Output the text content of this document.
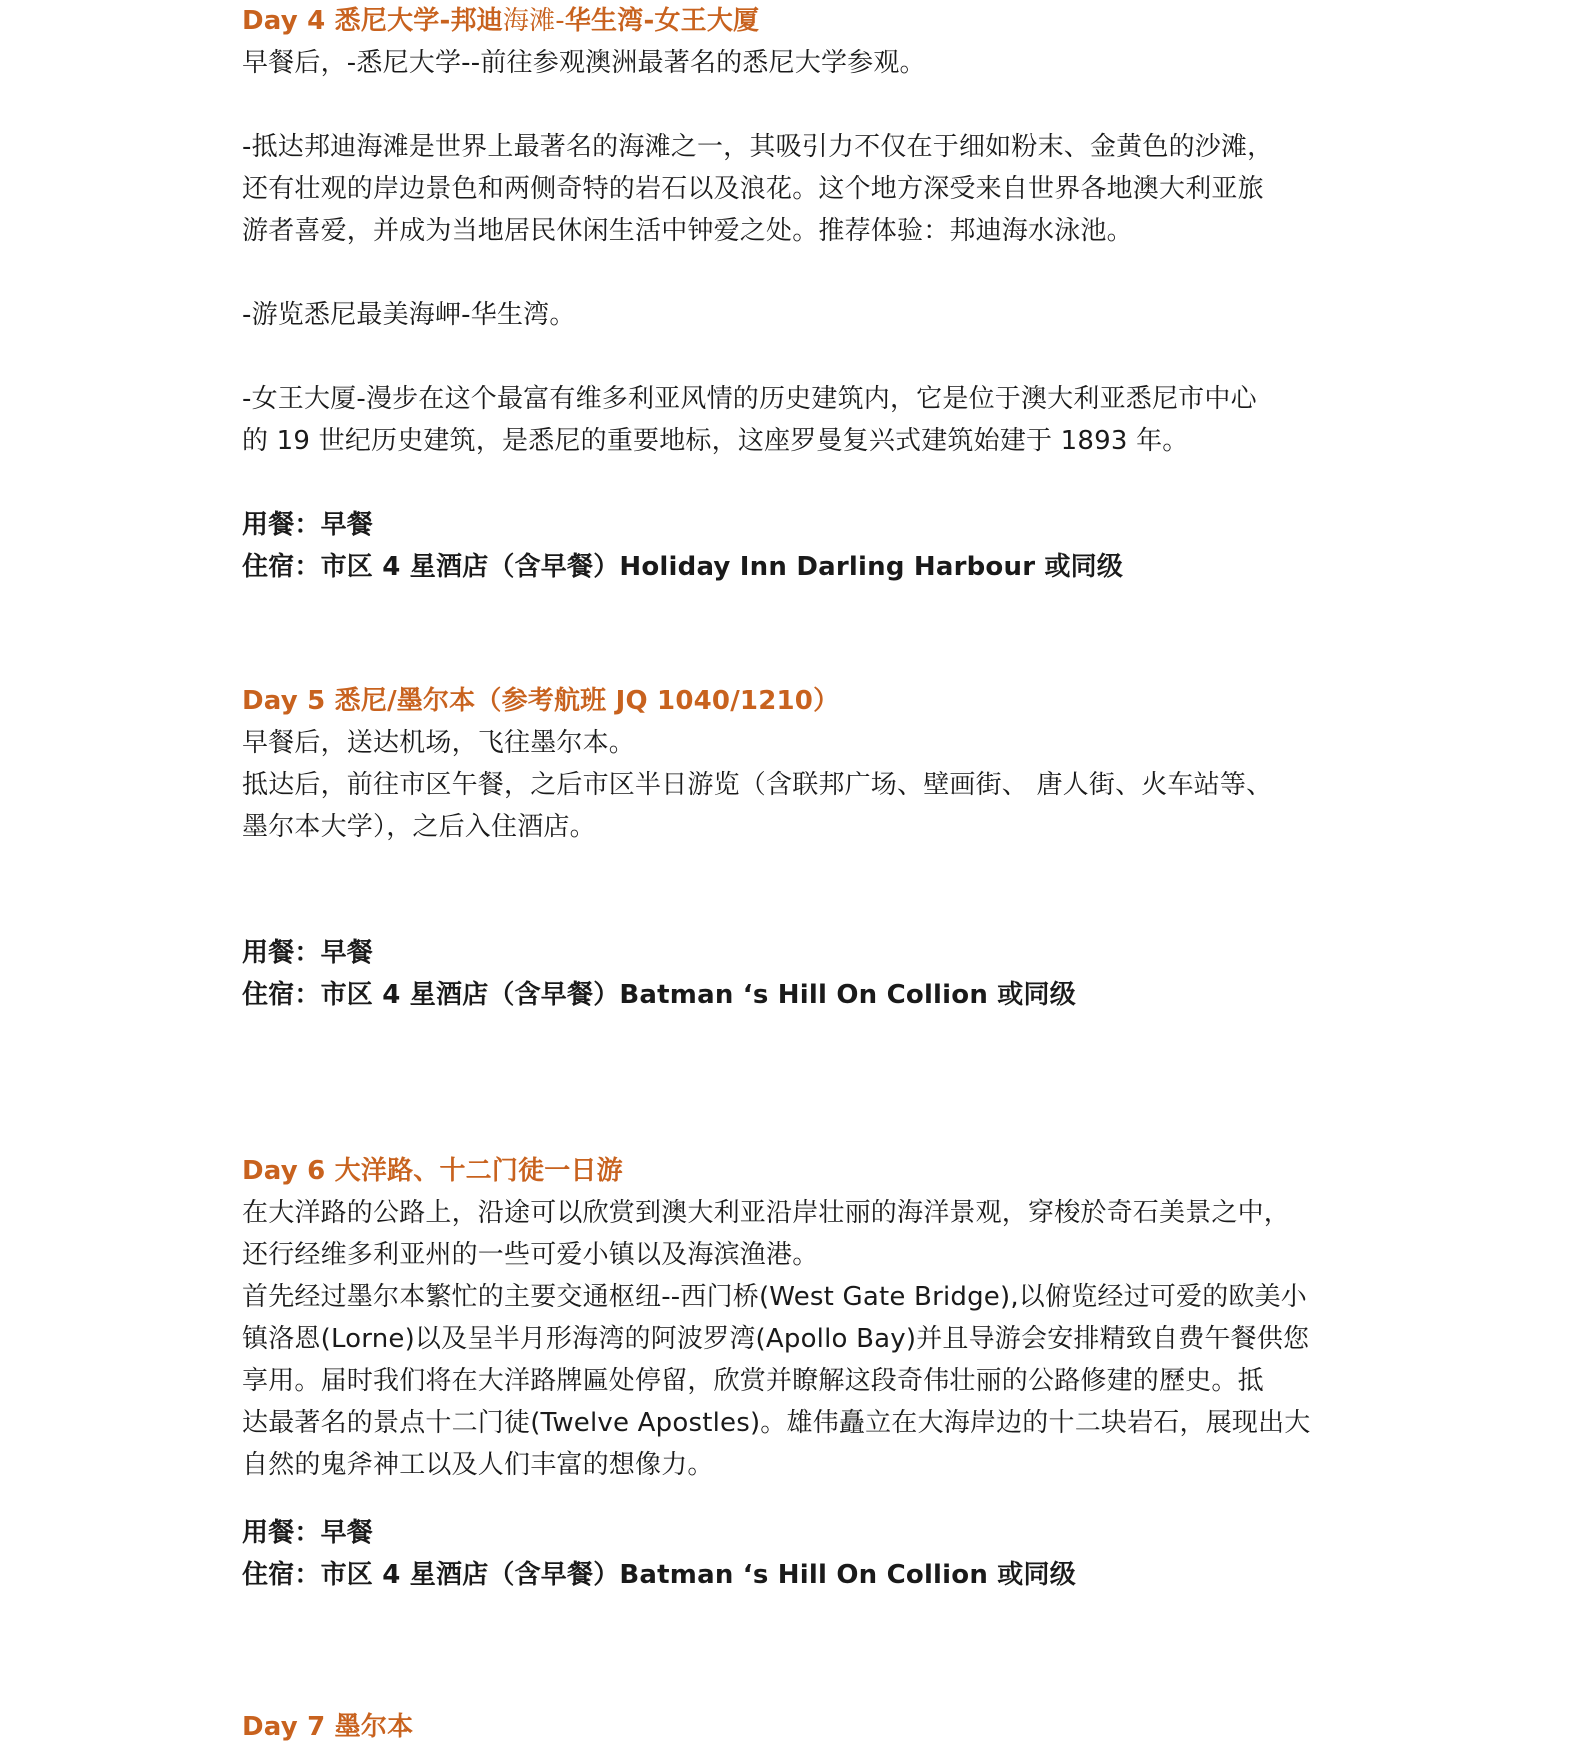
Day 4 悉尼大学-邦迪海滩-华生湾-女王大厦
早餐后，-悉尼大学--前往参观澳洲最著名的悉尼大学参观。
-抵达邦迪海滩是世界上最著名的海滩之一，其吸引力不仅在于细如粉末、金黄色的沙滩，
还有壮观的岸边景色和两侧奇特的岩石以及浪花。这个地方深受来自世界各地澳大利亚旅
游者喜爱，并成为当地居民休闲生活中钟爱之处。推荐体验：邦迪海水泳池。
-游览悉尼最美海岬-华生湾。
-女王大厦-漫步在这个最富有维多利亚风情的历史建筑内，它是位于澳大利亚悉尼市中心
的 19 世纪历史建筑，是悉尼的重要地标，这座罗曼复兴式建筑始建于 1893 年。
用餐：早餐
住宿：市区 4 星酒店（含早餐）Holiday Inn Darling Harbour 或同级
Day 5 悉尼/墨尔本（参考航班 JQ 1040/1210）
早餐后，送达机场，飞往墨尔本。
抵达后，前往市区午餐，之后市区半日游览（含联邦广场、壁画街、 唐人街、火车站等、
墨尔本大学），之后入住酒店。
用餐：早餐
住宿：市区 4 星酒店（含早餐）Batman ‘s Hill On Collion 或同级
Day 6 大洋路、十二门徒一日游
在大洋路的公路上，沿途可以欣赏到澳大利亚沿岸壮丽的海洋景观，穿梭於奇石美景之中，
还行经维多利亚州的一些可爱小镇以及海滨渔港。
首先经过墨尔本繁忙的主要交通枢纽--西门桥(West Gate Bridge),以俯览经过可爱的欧美小
镇洛恩(Lorne)以及呈半月形海湾的阿波罗湾(Apollo Bay)并且导游会安排精致自费午餐供您
享用。届时我们将在大洋路牌匾处停留，欣赏并瞭解这段奇伟壮丽的公路修建的歷史。抵
达最著名的景点十二门徒(Twelve Apostles)。雄伟矗立在大海岸边的十二块岩石，展现出大
自然的鬼斧神工以及人们丰富的想像力。
用餐：早餐
住宿：市区 4 星酒店（含早餐）Batman ‘s Hill On Collion 或同级
Day 7 墨尔本
